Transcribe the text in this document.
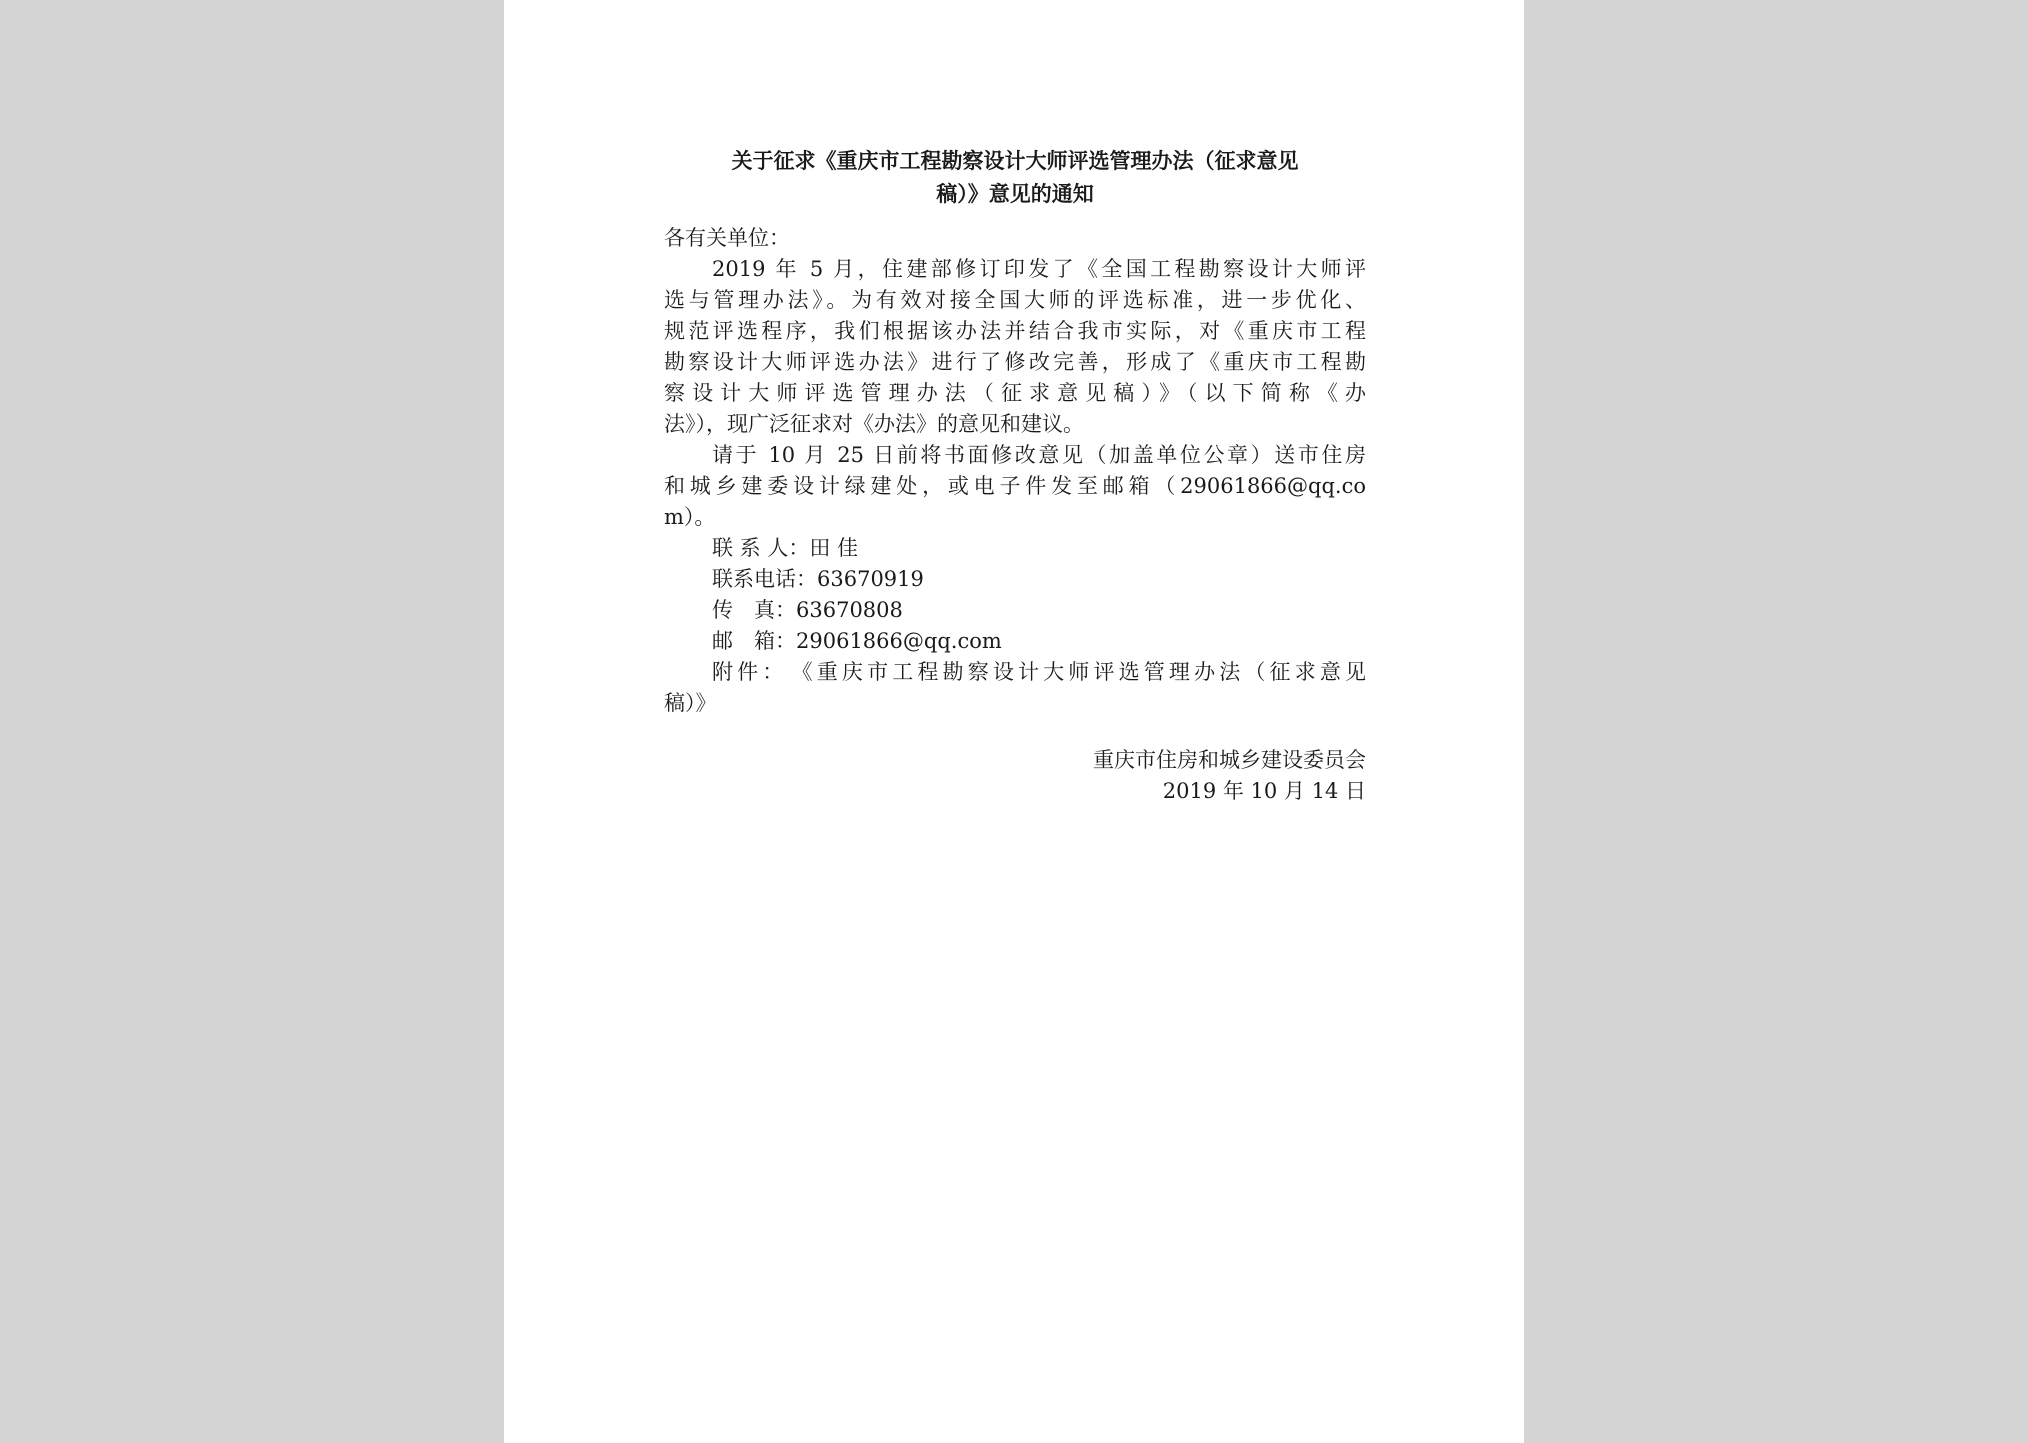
关于征求《重庆市工程勘察设计大师评选管理办法（征求意见
稿）》意见的通知
各有关单位：
2019 年 5 月，住建部修订印发了《全国工程勘察设计大师评
选与管理办法》。为有效对接全国大师的评选标准，进一步优化、
规范评选程序，我们根据该办法并结合我市实际，对《重庆市工程
勘察设计大师评选办法》进行了修改完善，形成了《重庆市工程勘
察设计大师评选管理办法（征求意见稿）》（以下简称《办
法》），现广泛征求对《办法》的意见和建议。
请于 10 月 25 日前将书面修改意见（加盖单位公章）送市住房
和城乡建委设计绿建处，或电子件发至邮箱（29061866@qq.co
m）。
联 系 人：田 佳
联系电话：63670919
传　真：63670808
邮　箱：29061866@qq.com
附件：　《重庆市工程勘察设计大师评选管理办法（征求意见
稿）》
重庆市住房和城乡建设委员会
2019 年 10 月 14 日
